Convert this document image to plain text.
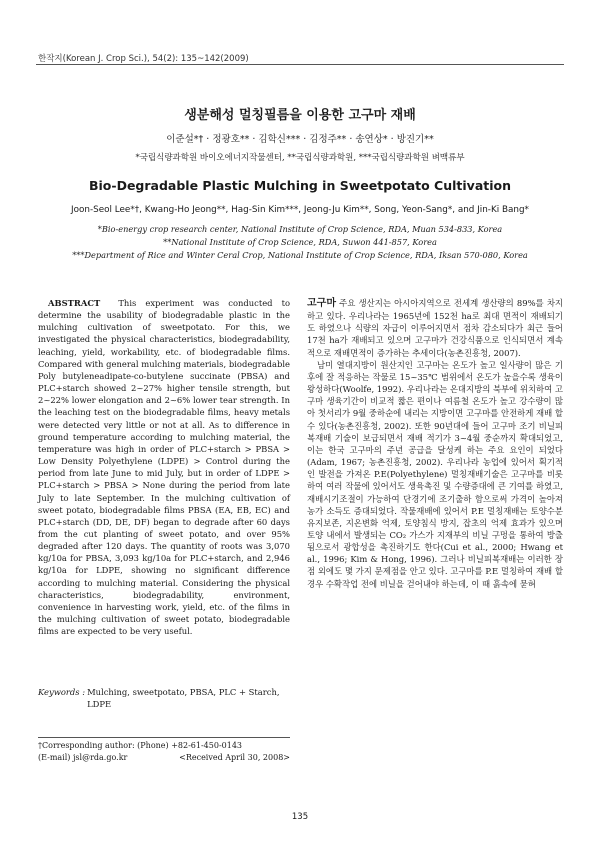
한작지(Korean J. Crop Sci.), 54(2): 135~142(2009)
생분해성 멀칭필름을 이용한 고구마 재배
이준설*† · 정광호** · 김학신*** · 김정주** · 송연상* · 방진기**
*국립식량과학원 바이오에너지작물센터, **국립식량과학원, ***국립식량과학원 벼맥류부
Bio-Degradable Plastic Mulching in Sweetpotato Cultivation
Joon-Seol Lee*†, Kwang-Ho Jeong**, Hag-Sin Kim***, Jeong-Ju Kim**, Song, Yeon-Sang*, and Jin-Ki Bang*
*Bio-energy crop research center, National Institute of Crop Science, RDA, Muan 534-833, Korea
**National Institute of Crop Science, RDA, Suwon 441-857, Korea
***Department of Rice and Winter Ceral Crop, National Institute of Crop Science, RDA, Iksan 570-080, Korea

ABSTRACT This experiment was conducted to determine the usability of biodegradable plastic in the mulching cultivation of sweetpotato. For this, we investigated the physical characteristics, biodegradability, leaching, yield, workability, etc. of biodegradable films. Compared with general mulching materials, biodegradable Poly butyleneadipate-co-butylene succinate (PBSA) and PLC+starch showed 2~27% higher tensile strength, but 2~22% lower elongation and 2~6% lower tear strength. In the leaching test on the biodegradable films, heavy metals were detected very little or not at all. As to difference in ground temperature according to mulching material, the temperature was high in order of PLC+starch > PBSA > Low Density Polyethylene (LDPE) > Control during the period from late June to mid July, but in order of LDPE > PLC+starch > PBSA > None during the period from late July to late September. In the mulching cultivation of sweet potato, biodegradable films PBSA (EA, EB, EC) and PLC+starch (DD, DE, DF) began to degrade after 60 days from the cut planting of sweet potato, and over 95% degraded after 120 days. The quantity of roots was 3,070 kg/10a for PBSA, 3,093 kg/10a for PLC+starch, and 2,946 kg/10a for LDPE, showing no significant difference according to mulching material. Considering the physical characteristics, biodegradability, environment, convenience in harvesting work, yield, etc. of the films in the mulching cultivation of sweet potato, biodegradable films are expected to be very useful.

Keywords : Mulching, sweetpotato, PBSA, PLC + Starch, LDPE
†Corresponding author: (Phone) +82-61-450-0143
(E-mail) jsl@rda.go.kr	<Received April 30, 2008>

고구마 주요 생산지는 아시아지역으로 전세계 생산량의 89%를 차지하고 있다. 우리나라는 1965년에 152천 ha로 최대 면적이 재배되기도 하였으나 식량의 자급이 이루어지면서 점차 감소되다가 최근 들어 17천 ha가 재배되고 있으며 고구마가 건강식품으로 인식되면서 계속적으로 재배면적이 증가하는 추세이다(농촌진흥청, 2007).

남미 열대지방이 원산지인 고구마는 온도가 높고 일사량이 많은 기후에 잘 적응하는 작물로 15~35℃ 범위에서 온도가 높을수록 생육이 왕성하다(Woolfe, 1992). 우리나라는 온대지방의 북부에 위치하여 고구마 생육기간이 비교적 짧은 편이나 여름철 온도가 높고 강수량이 많아 첫서리가 9월 중하순에 내리는 지방이면 고구마를 안전하게 재배 할 수 있다(농촌진흥청, 2002). 또한 90년대에 들어 고구마 조기 비닐피복재배 기술이 보급되면서 재배 적기가 3~4월 중순까지 확대되었고, 이는 한국 고구마의 주년 공급을 달성케 하는 주요 요인이 되었다(Adam, 1967; 농촌진흥청, 2002). 우리나라 농업에 있어서 획기적인 발전을 가져온 P.E(Polyethylene) 멀칭재배기술은 고구마를 비롯하여 여러 작물에 있어서도 생육촉진 및 수량증대에 큰 기여를 하였고, 재배시기조절이 가능하여 단경기에 조기출하 함으로써 가격이 높아져 농가 소득도 증대되었다. 작물재배에 있어서 P.E 멀칭재배는 토양수분 유지보존, 지온변화 억제, 토양침식 방지, 잡초의 억제 효과가 있으며 토양 내에서 발생되는 CO₂ 가스가 지재부의 비닐 구멍을 통하여 방출됨으로서 광합성을 촉진하기도 한다(Cui et al., 2000; Hwang et al., 1996; Kim & Hong, 1996). 그러나 비닐피복재배는 이러한 장점 외에도 몇 가지 문제점을 안고 있다. 고구마를 P.E 멀칭하여 재배 할 경우 수확작업 전에 비닐을 걷어내야 하는데, 이 때 흙속에 묻혀

135
